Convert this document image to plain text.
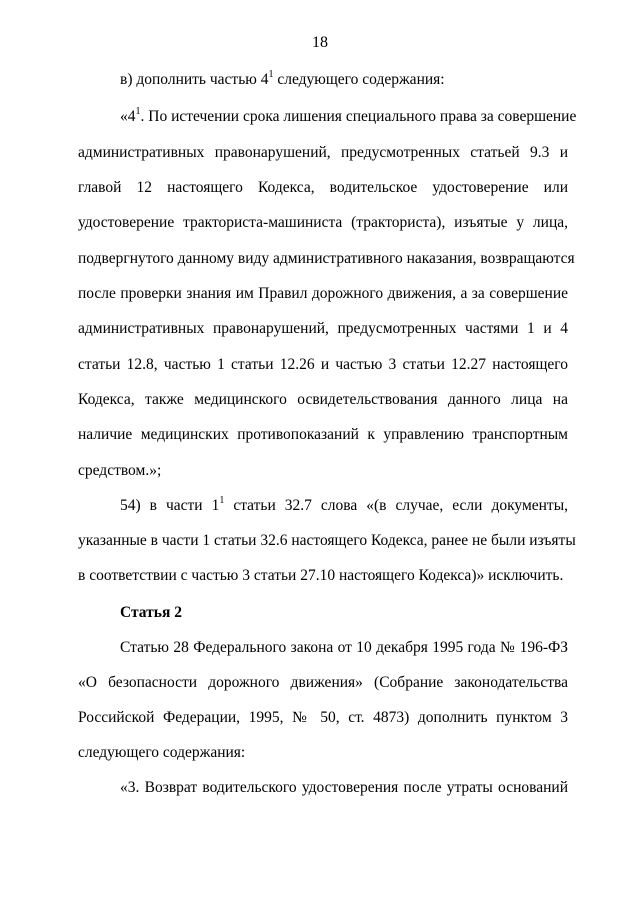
18
в) дополнить частью $4^1$ следующего содержания:
«$4^1$. По истечении срока лишения специального права за совершение
административных правонарушений, предусмотренных статьей 9.3 и
главой 12 настоящего Кодекса, водительское удостоверение или
удостоверение тракториста-машиниста (тракториста), изъятые у лица,
подвергнутого данному виду административного наказания, возвращаются
после проверки знания им Правил дорожного движения, а за совершение
административных правонарушений, предусмотренных частями 1 и 4
статьи 12.8, частью 1 статьи 12.26 и частью 3 статьи 12.27 настоящего
Кодекса, также медицинского освидетельствования данного лица на
наличие медицинских противопоказаний к управлению транспортным
средством.»;
54) в части $1^1$ статьи 32.7 слова «(в случае, если документы,
указанные в части 1 статьи 32.6 настоящего Кодекса, ранее не были изъяты
в соответствии с частью 3 статьи 27.10 настоящего Кодекса)» исключить.
Статья 2
Статью 28 Федерального закона от 10 декабря 1995 года № 196-ФЗ
«О безопасности дорожного движения» (Собрание законодательства
Российской Федерации, 1995, № 50, ст. 4873) дополнить пунктом 3
следующего содержания:
«3. Возврат водительского удостоверения после утраты оснований
